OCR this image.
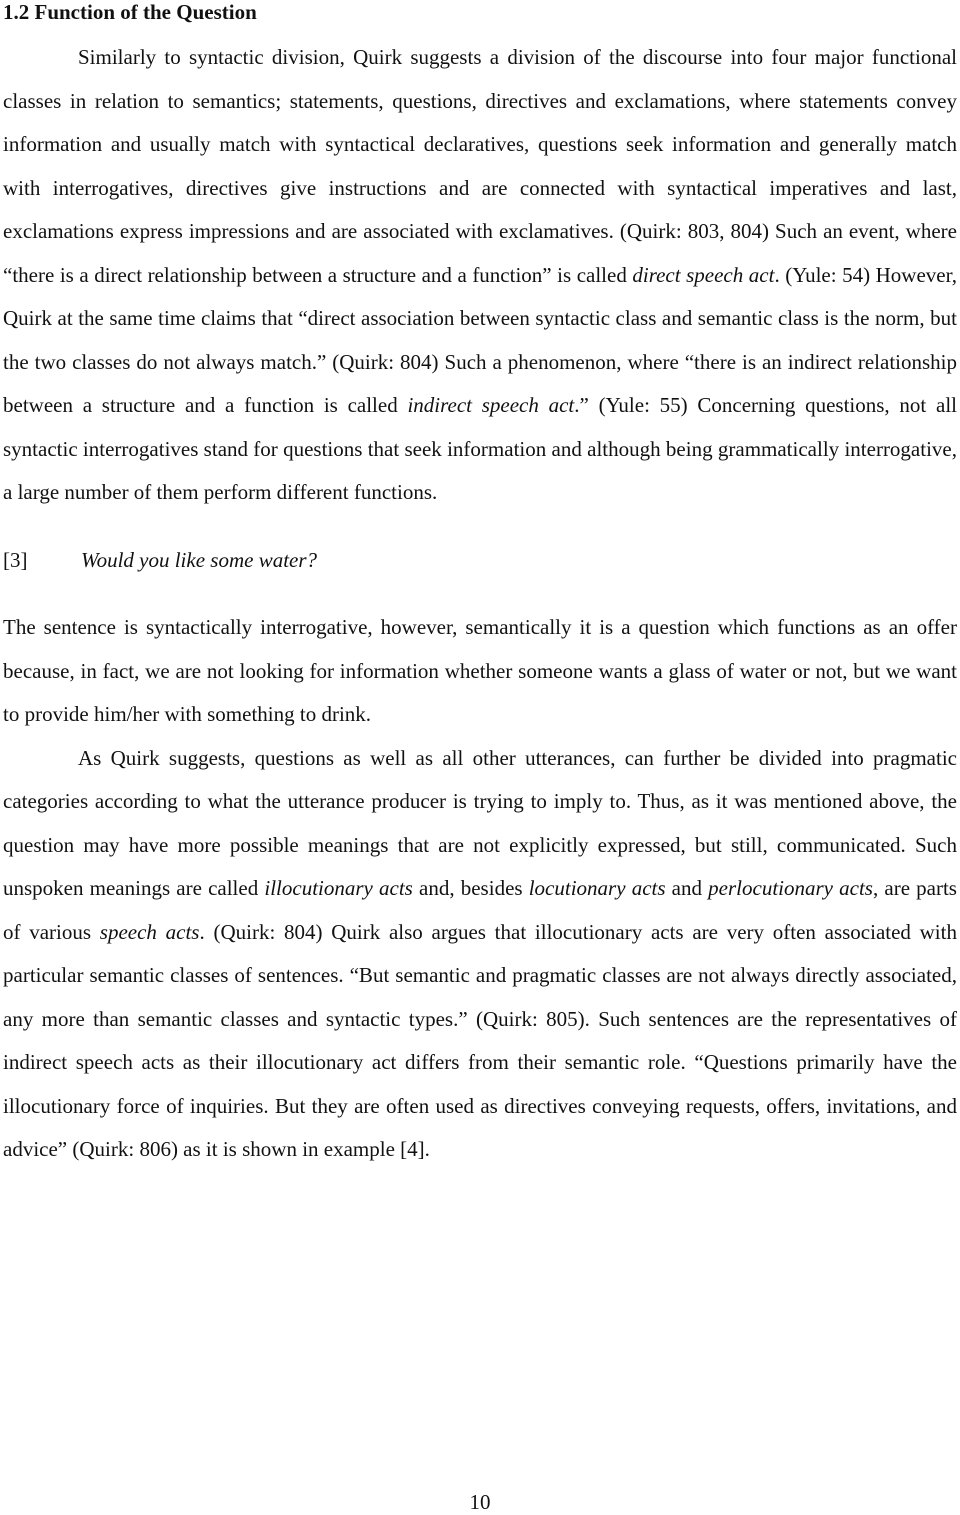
1.2 Function of the Question

Similarly to syntactic division, Quirk suggests a division of the discourse into four major functional classes in relation to semantics; statements, questions, directives and exclamations, where statements convey information and usually match with syntactical declaratives, questions seek information and generally match with interrogatives, directives give instructions and are connected with syntactical imperatives and last, exclamations express impressions and are associated with exclamatives. (Quirk: 803, 804) Such an event, where “there is a direct relationship between a structure and a function” is called direct speech act. (Yule: 54) However, Quirk at the same time claims that “direct association between syntactic class and semantic class is the norm, but the two classes do not always match.” (Quirk: 804) Such a phenomenon, where “there is an indirect relationship between a structure and a function is called indirect speech act.” (Yule: 55) Concerning questions, not all syntactic interrogatives stand for questions that seek information and although being grammatically interrogative, a large number of them perform different functions.

[3]	Would you like some water?

The sentence is syntactically interrogative, however, semantically it is a question which functions as an offer because, in fact, we are not looking for information whether someone wants a glass of water or not, but we want to provide him/her with something to drink.

As Quirk suggests, questions as well as all other utterances, can further be divided into pragmatic categories according to what the utterance producer is trying to imply to. Thus, as it was mentioned above, the question may have more possible meanings that are not explicitly expressed, but still, communicated. Such unspoken meanings are called illocutionary acts and, besides locutionary acts and perlocutionary acts, are parts of various speech acts. (Quirk: 804) Quirk also argues that illocutionary acts are very often associated with particular semantic classes of sentences. “But semantic and pragmatic classes are not always directly associated, any more than semantic classes and syntactic types.” (Quirk: 805). Such sentences are the representatives of indirect speech acts as their illocutionary act differs from their semantic role. “Questions primarily have the illocutionary force of inquiries. But they are often used as directives conveying requests, offers, invitations, and advice” (Quirk: 806) as it is shown in example [4].

10
